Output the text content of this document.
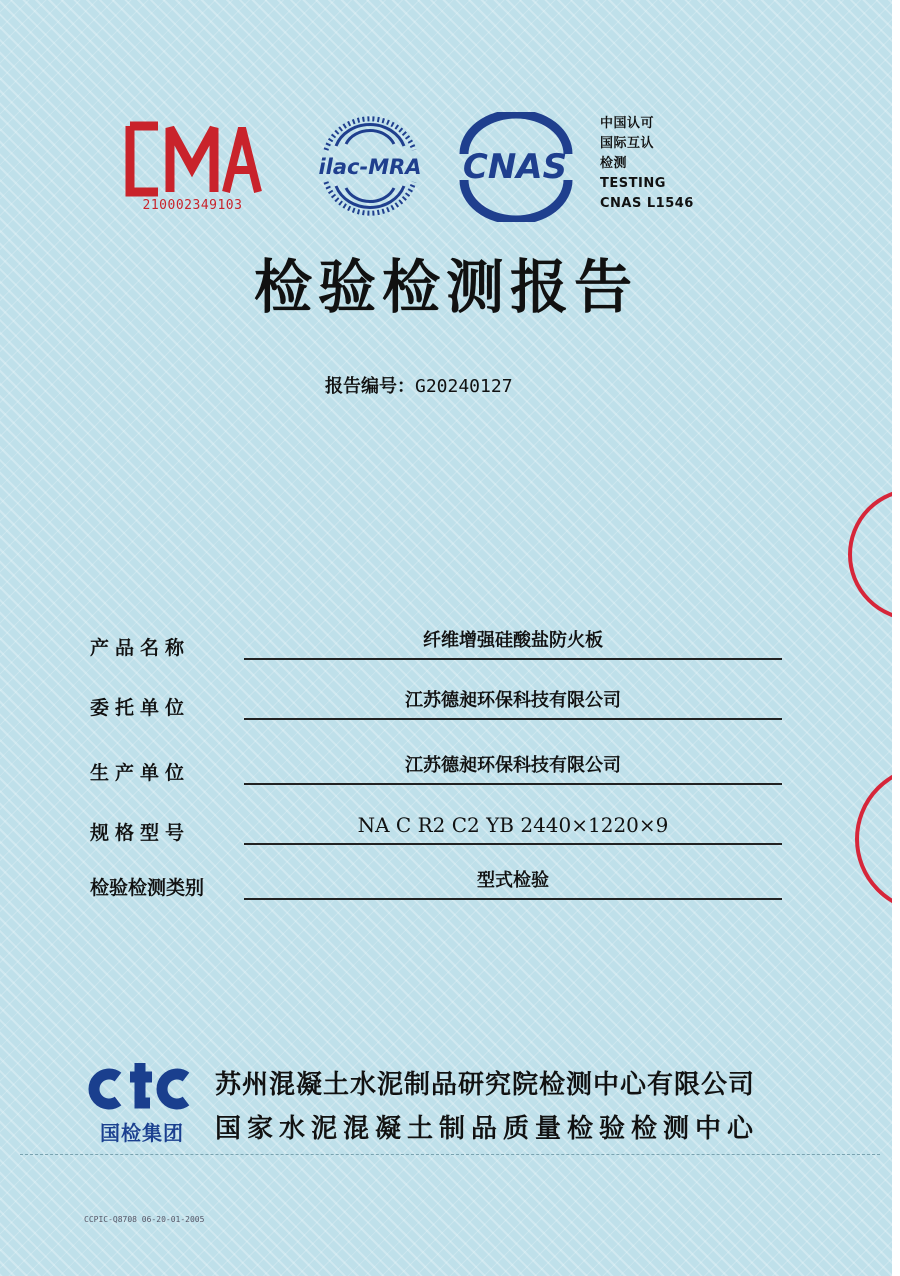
CMA
210002349103
ilac-MRA CNAS
中国认可
国际互认
检测
TESTING
CNAS L1546
检验检测报告
报告编号：G20240127
产品名称	纤维增强硅酸盐防火板
委托单位	江苏德昶环保科技有限公司
生产单位	江苏德昶环保科技有限公司
规格型号	NA C R2 C2 YB 2440×1220×9
检验检测类别	型式检验
ctc
国检集团
苏州混凝土水泥制品研究院检测中心有限公司
国家水泥混凝土制品质量检验检测中心
CCPIC-Q8708 06-20-01-2005
